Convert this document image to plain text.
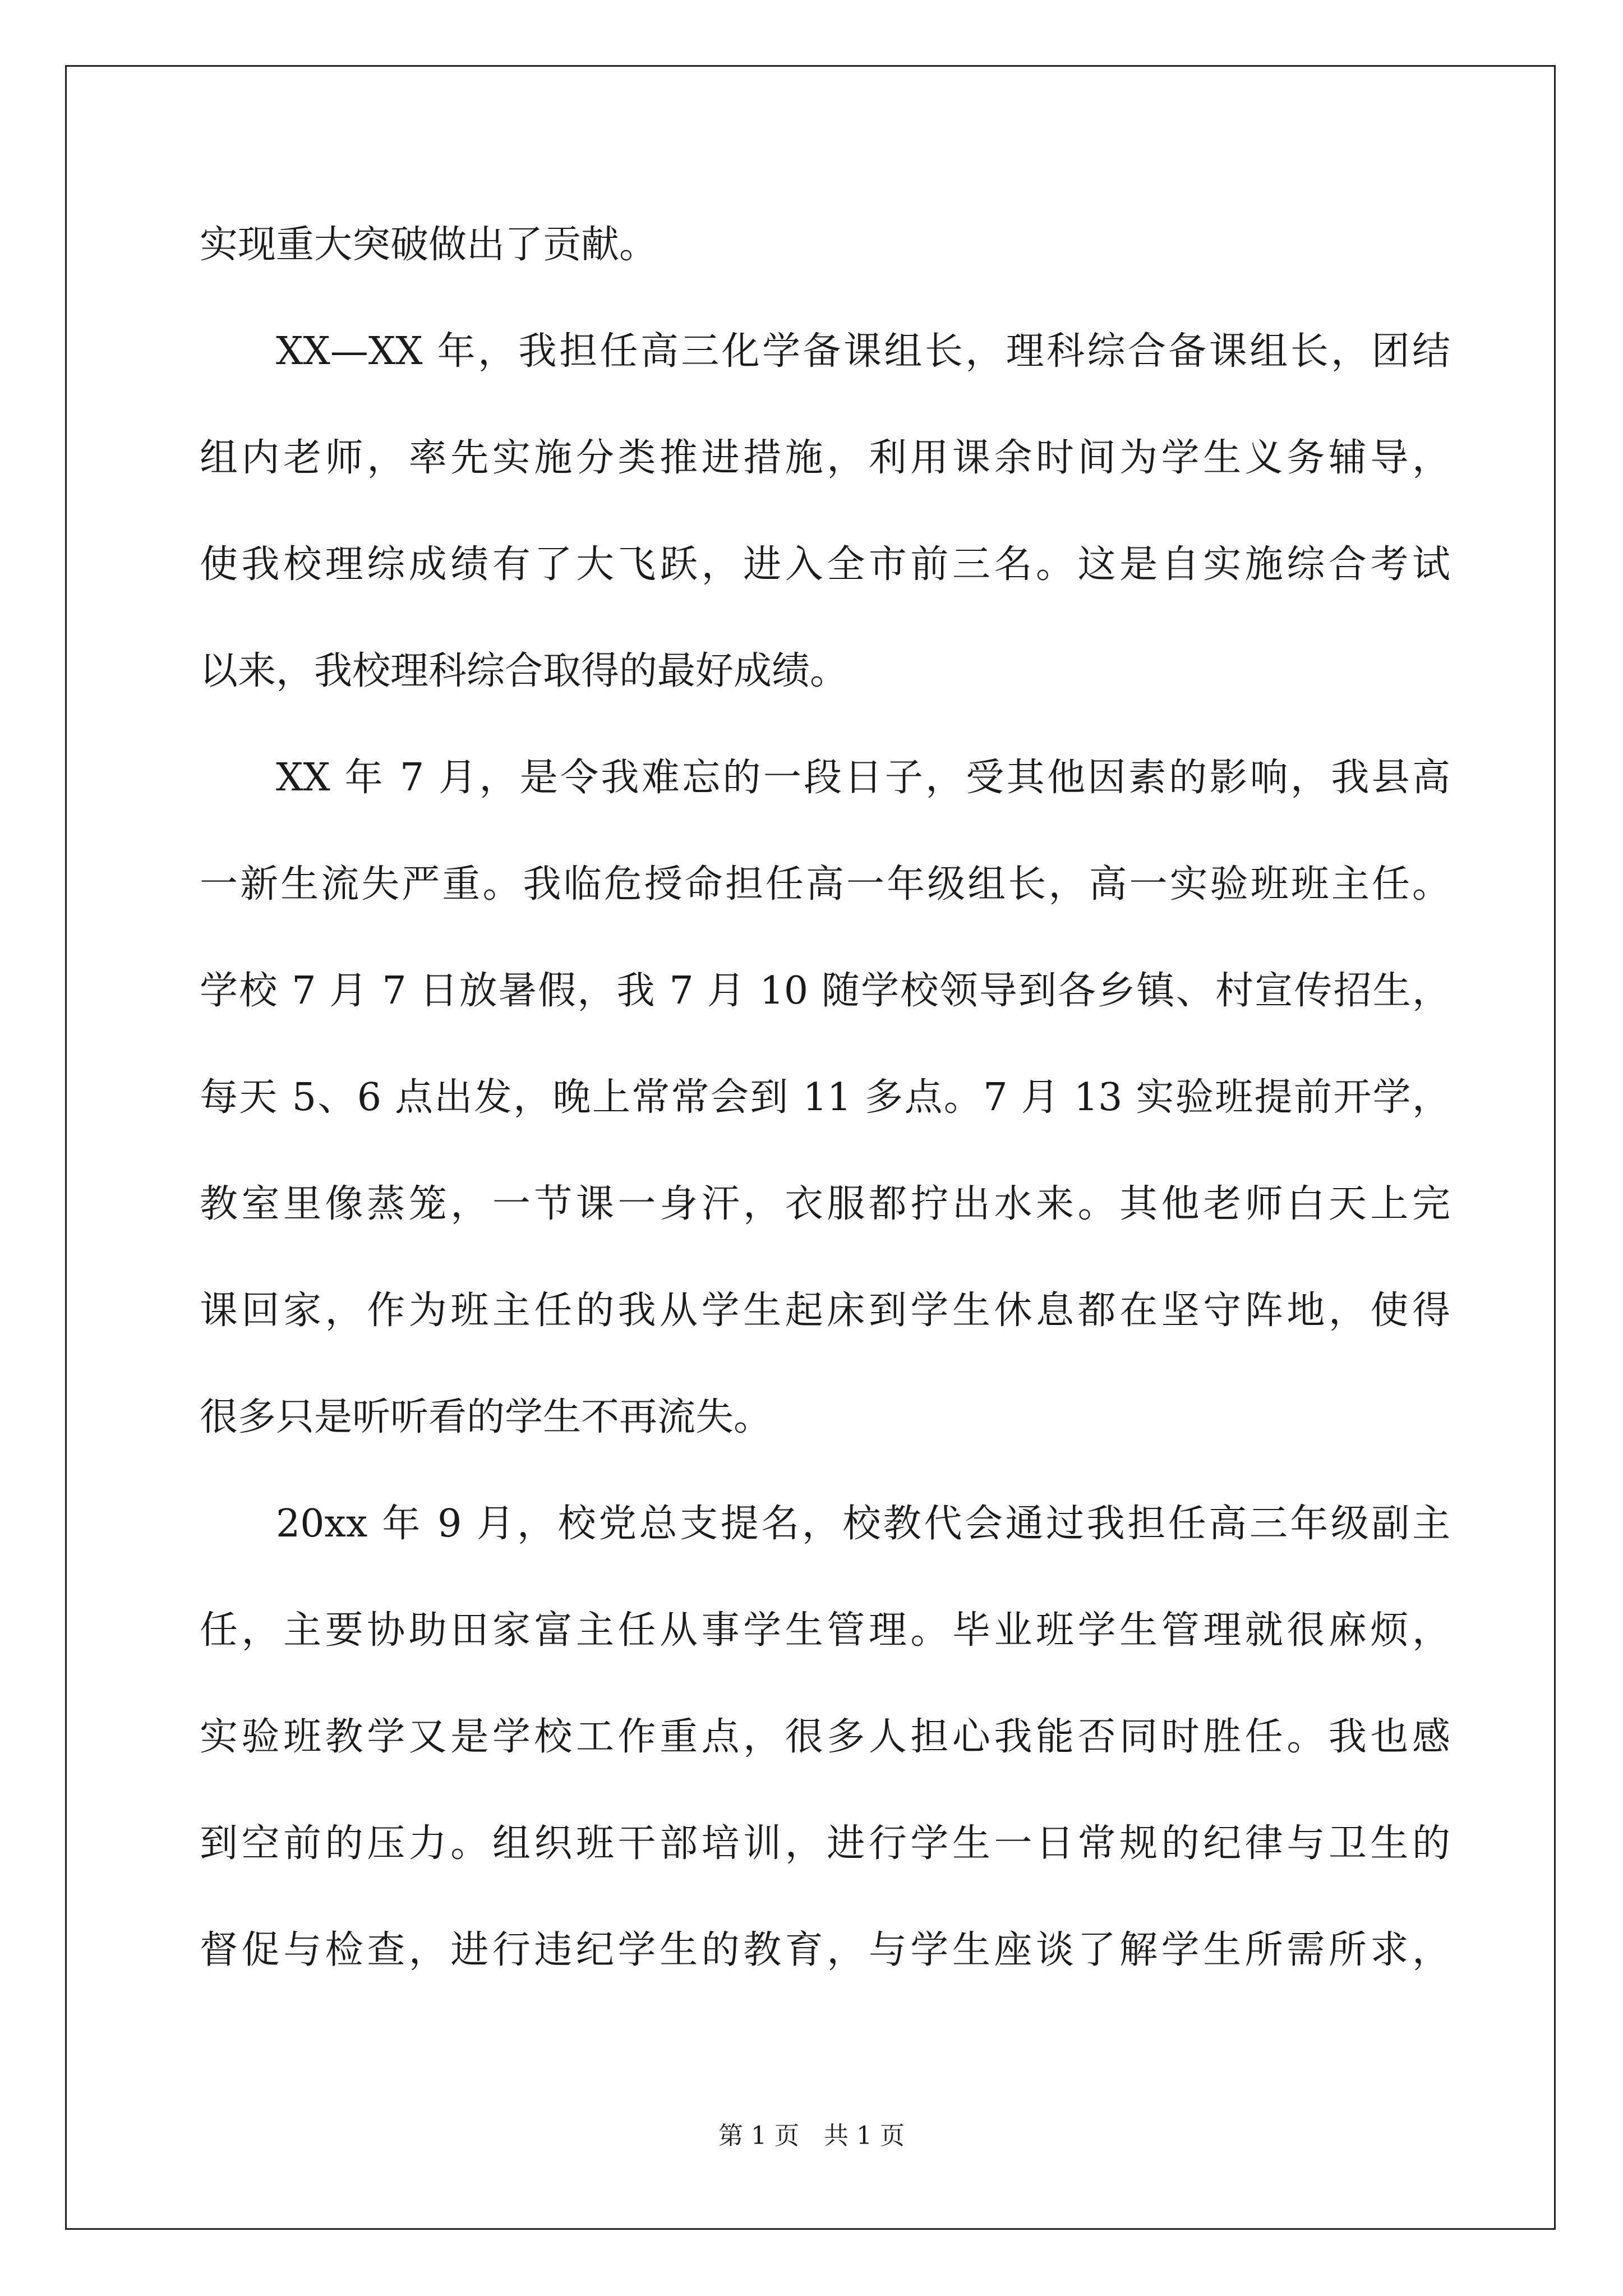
实现重大突破做出了贡献。
XX—XX 年，我担任高三化学备课组长，理科综合备课组长，团结
组内老师，率先实施分类推进措施，利用课余时间为学生义务辅导，
使我校理综成绩有了大飞跃，进入全市前三名。这是自实施综合考试
以来，我校理科综合取得的最好成绩。
XX 年 7 月，是令我难忘的一段日子，受其他因素的影响，我县高
一新生流失严重。我临危授命担任高一年级组长，高一实验班班主任。
学校 7 月 7 日放暑假，我 7 月 10 随学校领导到各乡镇、村宣传招生，
每天 5、6 点出发，晚上常常会到 11 多点。7 月 13 实验班提前开学，
教室里像蒸笼，一节课一身汗，衣服都拧出水来。其他老师白天上完
课回家，作为班主任的我从学生起床到学生休息都在坚守阵地，使得
很多只是听听看的学生不再流失。
20xx 年 9 月，校党总支提名，校教代会通过我担任高三年级副主
任，主要协助田家富主任从事学生管理。毕业班学生管理就很麻烦，
实验班教学又是学校工作重点，很多人担心我能否同时胜任。我也感
到空前的压力。组织班干部培训，进行学生一日常规的纪律与卫生的
督促与检查，进行违纪学生的教育，与学生座谈了解学生所需所求，
第 1 页 共 1 页
